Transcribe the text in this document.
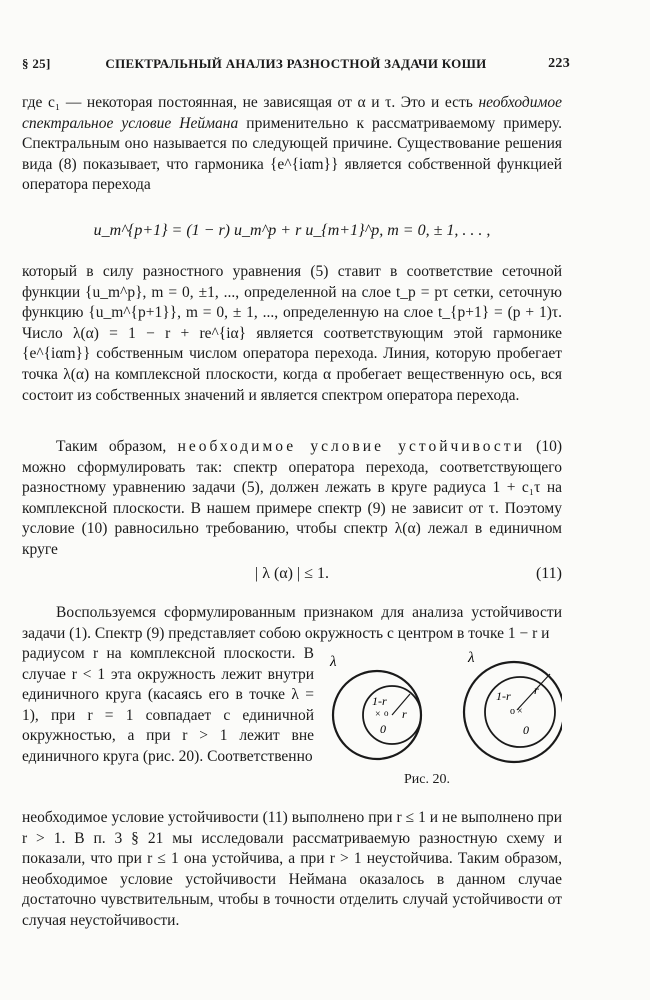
§ 25]	СПЕКТРАЛЬНЫЙ АНАЛИЗ РАЗНОСТНОЙ ЗАДАЧИ КОШИ	223

где c₁ — некоторая постоянная, не зависящая от α и τ. Это и есть необходимое спектральное условие Неймана применительно к рассматриваемому примеру. Спектральным оно называется по следующей причине. Существование решения вида (8) показывает, что гармоника {e^{iαm}} является собственной функцией оператора перехода

u_m^{p+1} = (1 − r) u_m^p + r u_{m+1}^p, m = 0, ± 1, . . . ,

который в силу разностного уравнения (5) ставит в соответствие сеточной функции {u_m^p}, m = 0, ±1, ..., определенной на слое t_p = pτ сетки, сеточную функцию {u_m^{p+1}}, m = 0, ± 1, ..., определенную на слое t_{p+1} = (p + 1)τ. Число λ(α) = 1 − r + re^{iα} является соответствующим этой гармонике {e^{iαm}} собственным числом оператора перехода. Линия, которую пробегает точка λ(α) на комплексной плоскости, когда α пробегает вещественную ось, вся состоит из собственных значений и является спектром оператора перехода.

Таким образом, необходимое условие устойчивости (10) можно сформулировать так: спектр оператора перехода, соответствующего разностному уравнению задачи (5), должен лежать в круге радиуса 1 + c₁τ на комплексной плоскости. В нашем примере спектр (9) не зависит от τ. Поэтому условие (10) равносильно требованию, чтобы спектр λ(α) лежал в единичном круге

| λ (α) | ≤ 1.	(11)

Воспользуемся сформулированным признаком для анализа устойчивости задачи (1). Спектр (9) представляет собою окружность с центром в точке 1 − r и

радиусом r на комплексной плоскости. В случае r < 1 эта окружность лежит внутри единичного круга (касаясь его в точке λ = 1), при r = 1 совпадает с единичной окружностью, а при r > 1 лежит вне единичного круга (рис. 20). Соответственно

необходимое условие устойчивости (11) выполнено при r ≤ 1 и не выполнено при r > 1. В п. 3 § 21 мы исследовали рассматриваемую разностную схему и показали, что при r ≤ 1 она устойчива, а при r > 1 неустойчива. Таким образом, необходимое условие устойчивости Неймана оказалось в данном случае достаточно чувствительным, чтобы в точности отделить случай устойчивости от случая неустойчивости.

λ
1-r
r
× o
0
λ
1-r r
o ×
0
Рис. 20.
